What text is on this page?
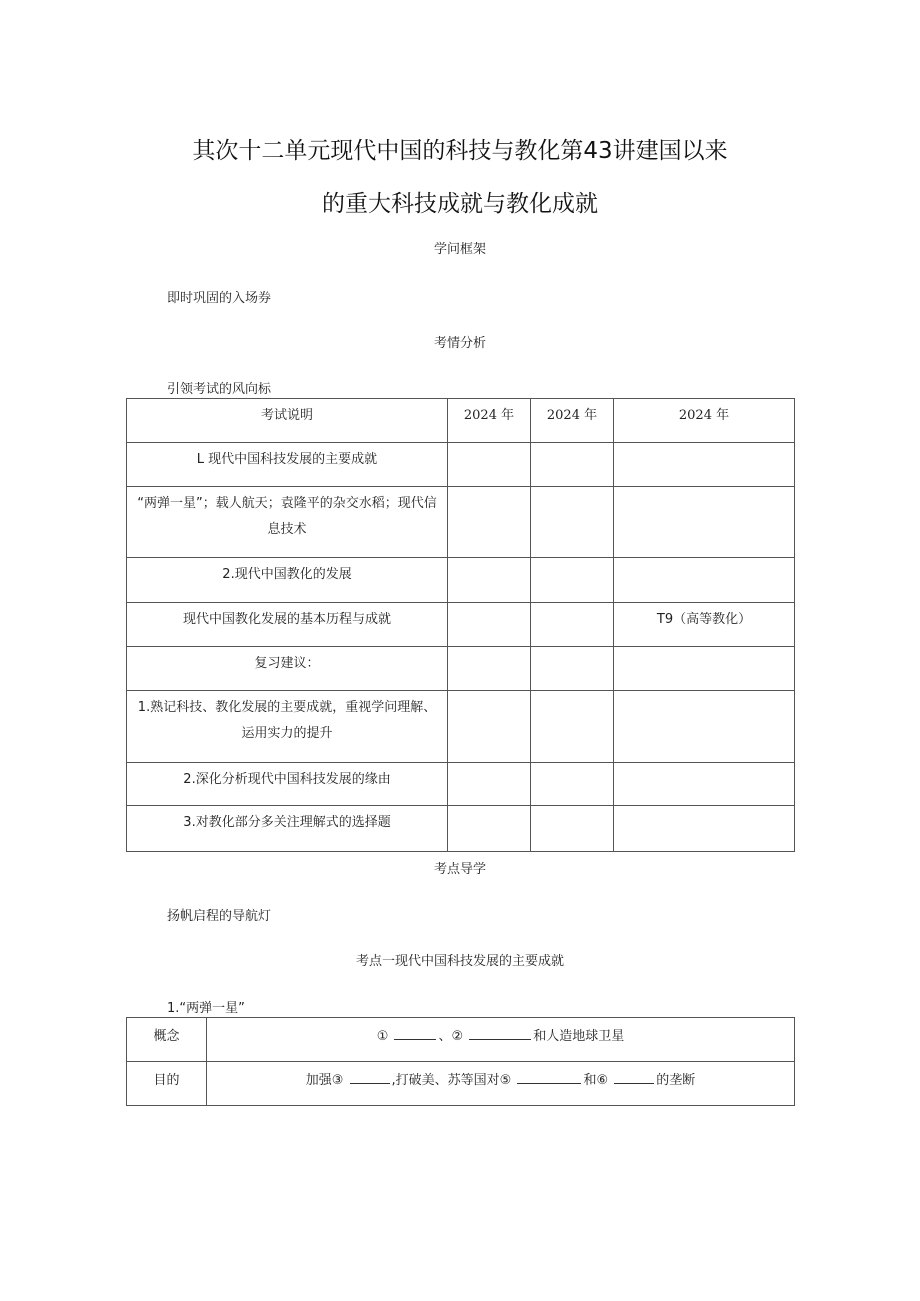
其次十二单元现代中国的科技与教化第43讲建国以来
的重大科技成就与教化成就
学问框架
即时巩固的入场券
考情分析
引领考试的风向标
考试说明	2024 年	2024 年	2024 年
L 现代中国科技发展的主要成就			
“两弹一星”；载人航天；袁隆平的杂交水稻；现代信息技术			
2.现代中国教化的发展			
现代中国教化发展的基本历程与成就			T9（高等教化）
复习建议：			
1.熟记科技、教化发展的主要成就，重视学问理解、运用实力的提升			
2.深化分析现代中国科技发展的缘由			
3.对教化部分多关注理解式的选择题			
考点导学
扬帆启程的导航灯
考点一现代中国科技发展的主要成就
1.“两弹一星”
概念	① 、② 和人造地球卫星
目的	加强③ ,打破美、苏等国对⑤ 和⑥ 的垄断
